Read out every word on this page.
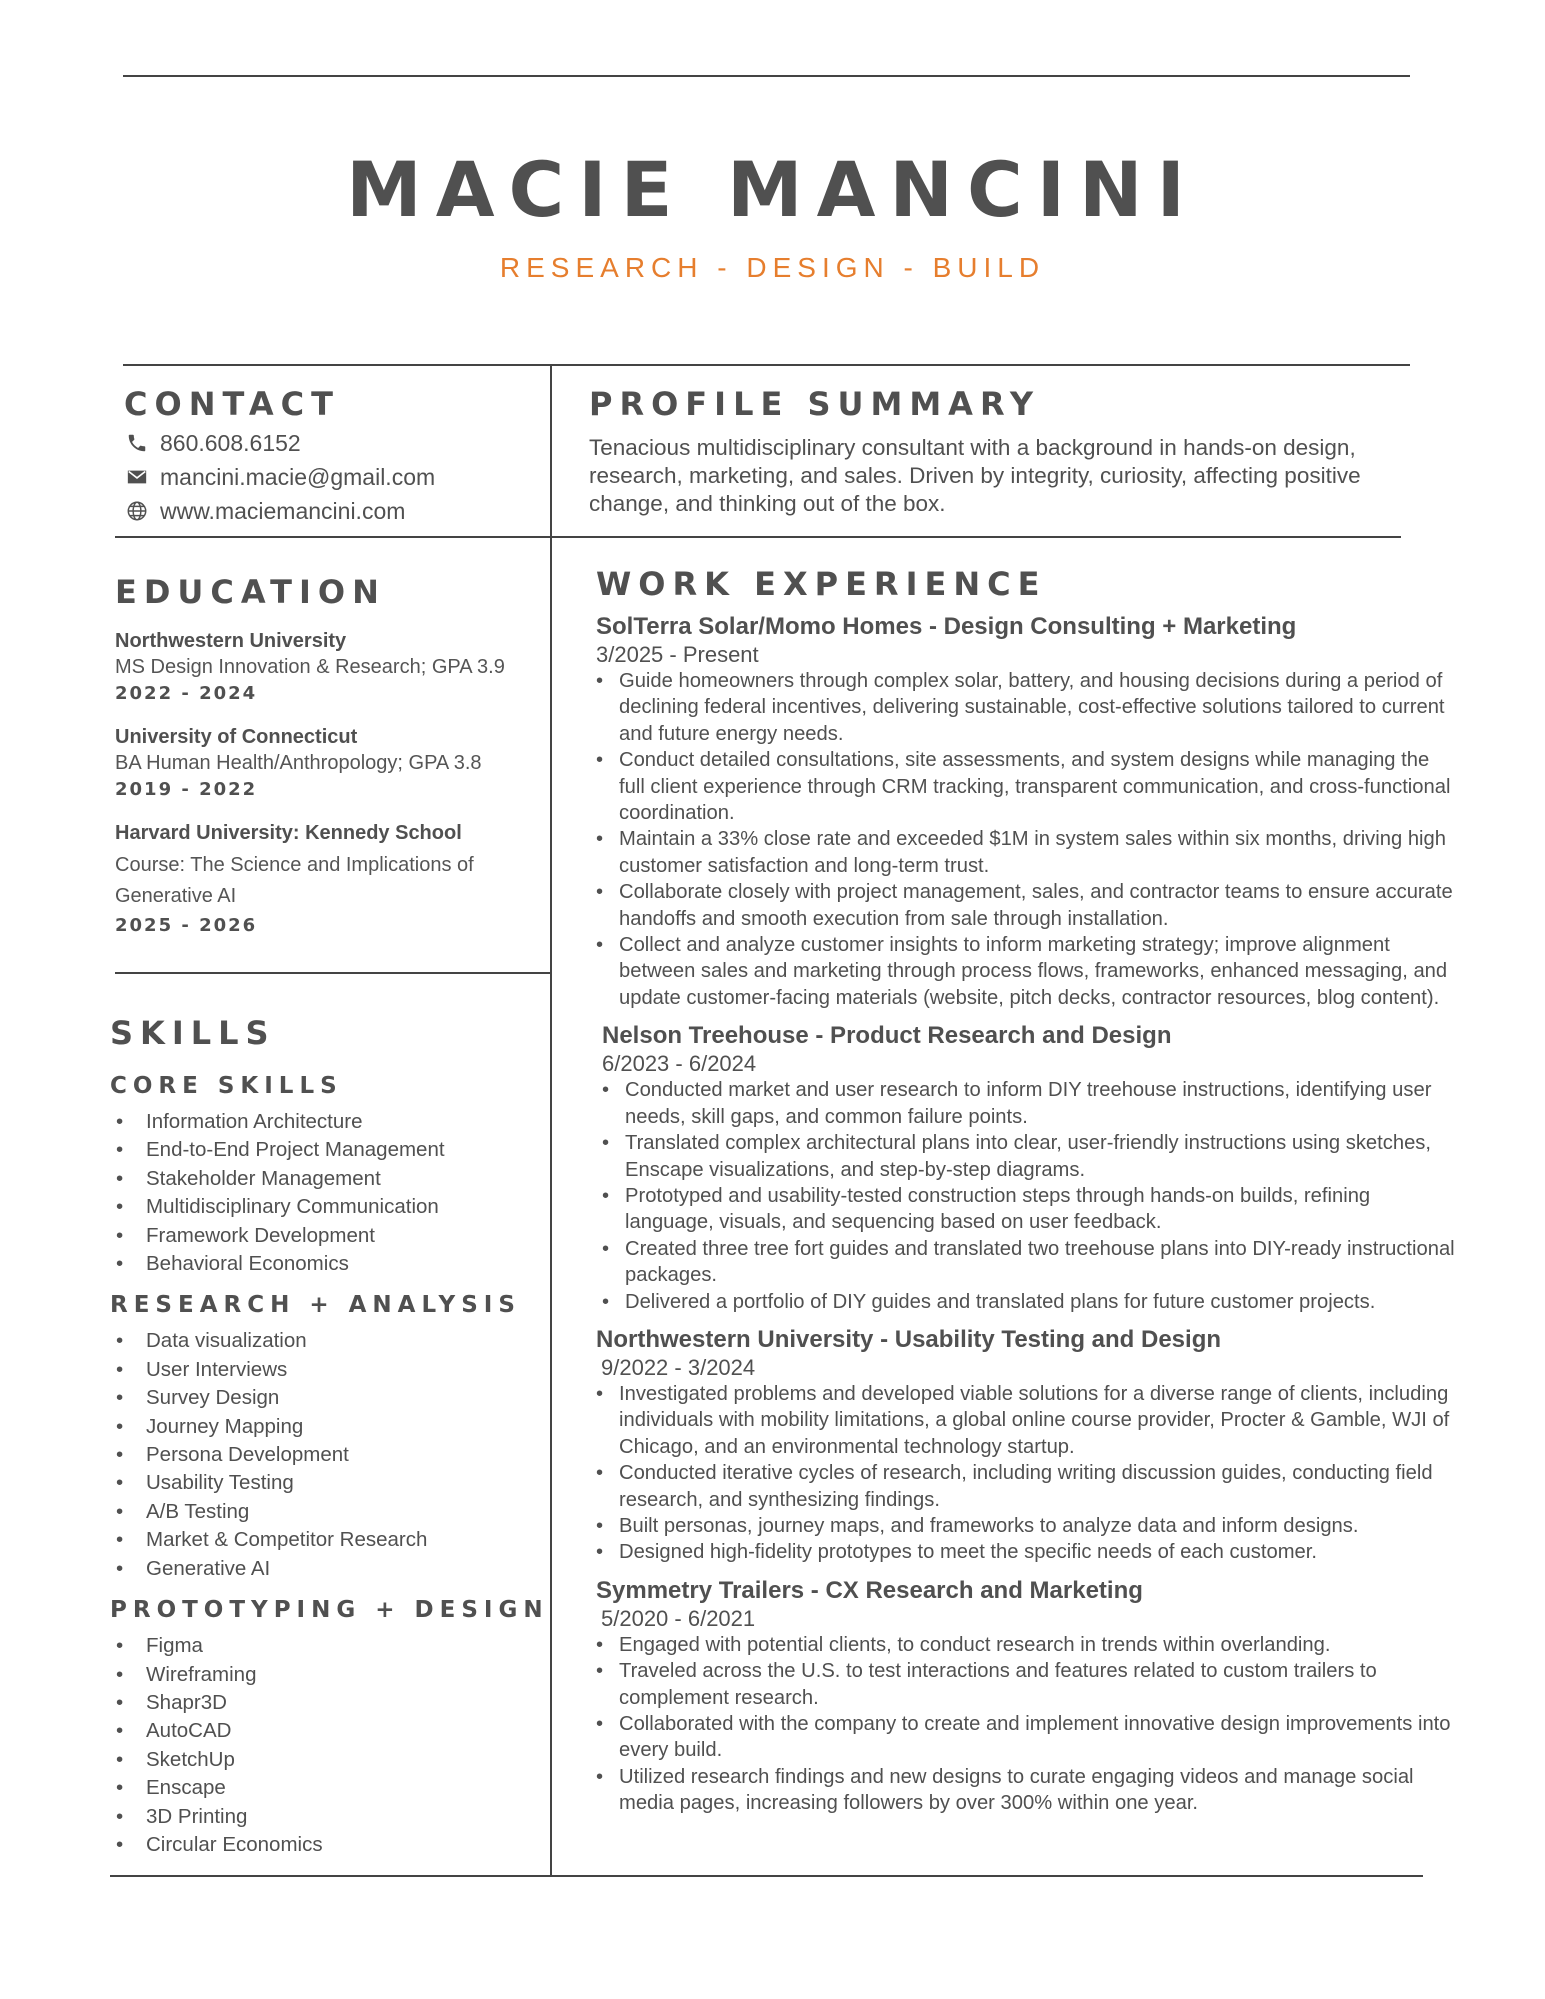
MACIE MANCINI
RESEARCH - DESIGN - BUILD
CONTACT
860.608.6152
mancini.macie@gmail.com
www.maciemancini.com
PROFILE SUMMARY

Tenacious multidisciplinary consultant with a background in hands-on design, research, marketing, and sales. Driven by integrity, curiosity, affecting positive change, and thinking out of the box.

EDUCATION
Northwestern University
MS Design Innovation & Research; GPA 3.9
2022 - 2024
University of Connecticut
BA Human Health/Anthropology; GPA 3.8
2019 - 2022
Harvard University: Kennedy School
Course: The Science and Implications of Generative AI
2025 - 2026
SKILLS
CORE SKILLS
• Information Architecture
• End-to-End Project Management
• Stakeholder Management
• Multidisciplinary Communication
• Framework Development
• Behavioral Economics
RESEARCH + ANALYSIS
• Data visualization
• User Interviews
• Survey Design
• Journey Mapping
• Persona Development
• Usability Testing
• A/B Testing
• Market & Competitor Research
• Generative AI
PROTOTYPING + DESIGN
• Figma
• Wireframing
• Shapr3D
• AutoCAD
• SketchUp
• Enscape
• 3D Printing
• Circular Economics
WORK EXPERIENCE
SolTerra Solar/Momo Homes - Design Consulting + Marketing
3/2025 - Present
• Guide homeowners through complex solar, battery, and housing decisions during a period of declining federal incentives, delivering sustainable, cost-effective solutions tailored to current and future energy needs.
• Conduct detailed consultations, site assessments, and system designs while managing the full client experience through CRM tracking, transparent communication, and cross-functional coordination.
• Maintain a 33% close rate and exceeded $1M in system sales within six months, driving high customer satisfaction and long-term trust.
• Collaborate closely with project management, sales, and contractor teams to ensure accurate handoffs and smooth execution from sale through installation.
• Collect and analyze customer insights to inform marketing strategy; improve alignment between sales and marketing through process flows, frameworks, enhanced messaging, and update customer-facing materials (website, pitch decks, contractor resources, blog content).
Nelson Treehouse - Product Research and Design
6/2023 - 6/2024
• Conducted market and user research to inform DIY treehouse instructions, identifying user needs, skill gaps, and common failure points.
• Translated complex architectural plans into clear, user-friendly instructions using sketches, Enscape visualizations, and step-by-step diagrams.
• Prototyped and usability-tested construction steps through hands-on builds, refining language, visuals, and sequencing based on user feedback.
• Created three tree fort guides and translated two treehouse plans into DIY-ready instructional packages.
• Delivered a portfolio of DIY guides and translated plans for future customer projects.
Northwestern University - Usability Testing and Design
9/2022 - 3/2024
• Investigated problems and developed viable solutions for a diverse range of clients, including individuals with mobility limitations, a global online course provider, Procter & Gamble, WJI of Chicago, and an environmental technology startup.
• Conducted iterative cycles of research, including writing discussion guides, conducting field research, and synthesizing findings.
• Built personas, journey maps, and frameworks to analyze data and inform designs.
• Designed high-fidelity prototypes to meet the specific needs of each customer.
Symmetry Trailers - CX Research and Marketing
5/2020 - 6/2021
• Engaged with potential clients, to conduct research in trends within overlanding.
• Traveled across the U.S. to test interactions and features related to custom trailers to complement research.
• Collaborated with the company to create and implement innovative design improvements into every build.
• Utilized research findings and new designs to curate engaging videos and manage social media pages, increasing followers by over 300% within one year.
